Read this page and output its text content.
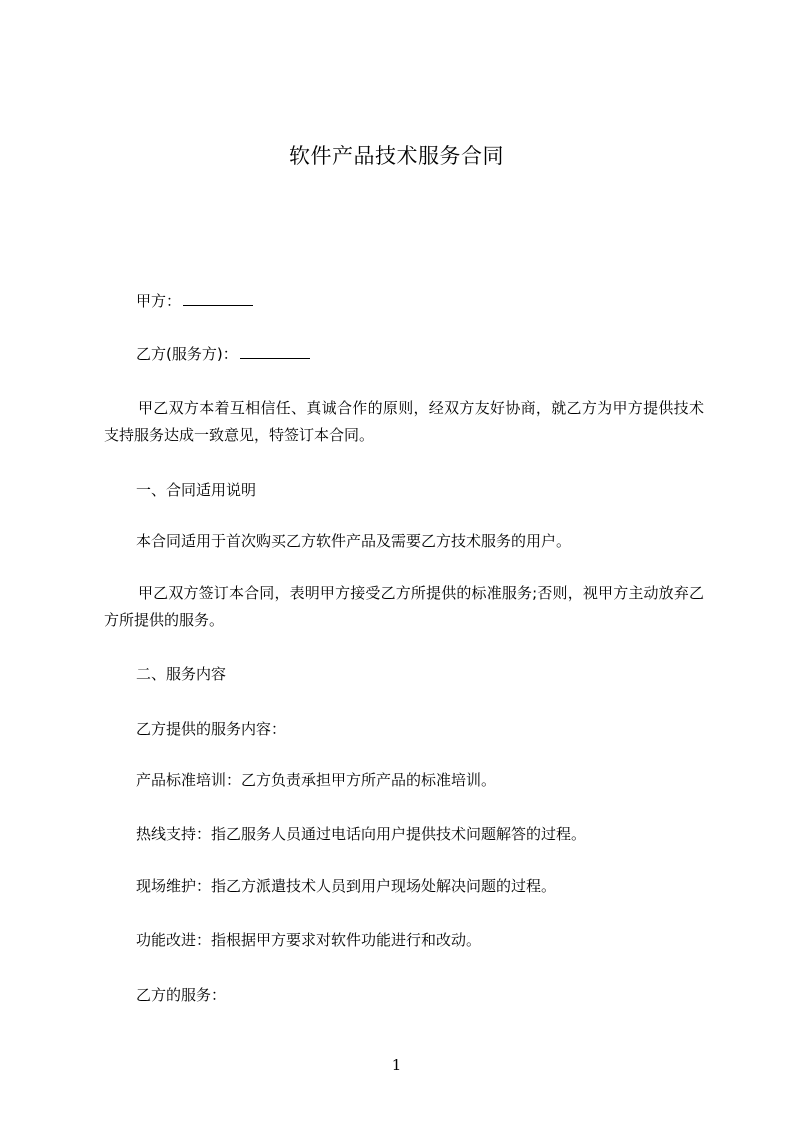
软件产品技术服务合同
甲方：
乙方(服务方)：
甲乙双方本着互相信任、真诚合作的原则，经双方友好协商，就乙方为甲方提供技术支持服务达成一致意见，特签订本合同。
一、合同适用说明
本合同适用于首次购买乙方软件产品及需要乙方技术服务的用户。
甲乙双方签订本合同，表明甲方接受乙方所提供的标准服务;否则，视甲方主动放弃乙方所提供的服务。
二、服务内容
乙方提供的服务内容：
产品标准培训：乙方负责承担甲方所产品的标准培训。
热线支持：指乙服务人员通过电话向用户提供技术问题解答的过程。
现场维护：指乙方派遣技术人员到用户现场处解决问题的过程。
功能改进：指根据甲方要求对软件功能进行和改动。
乙方的服务：
1
